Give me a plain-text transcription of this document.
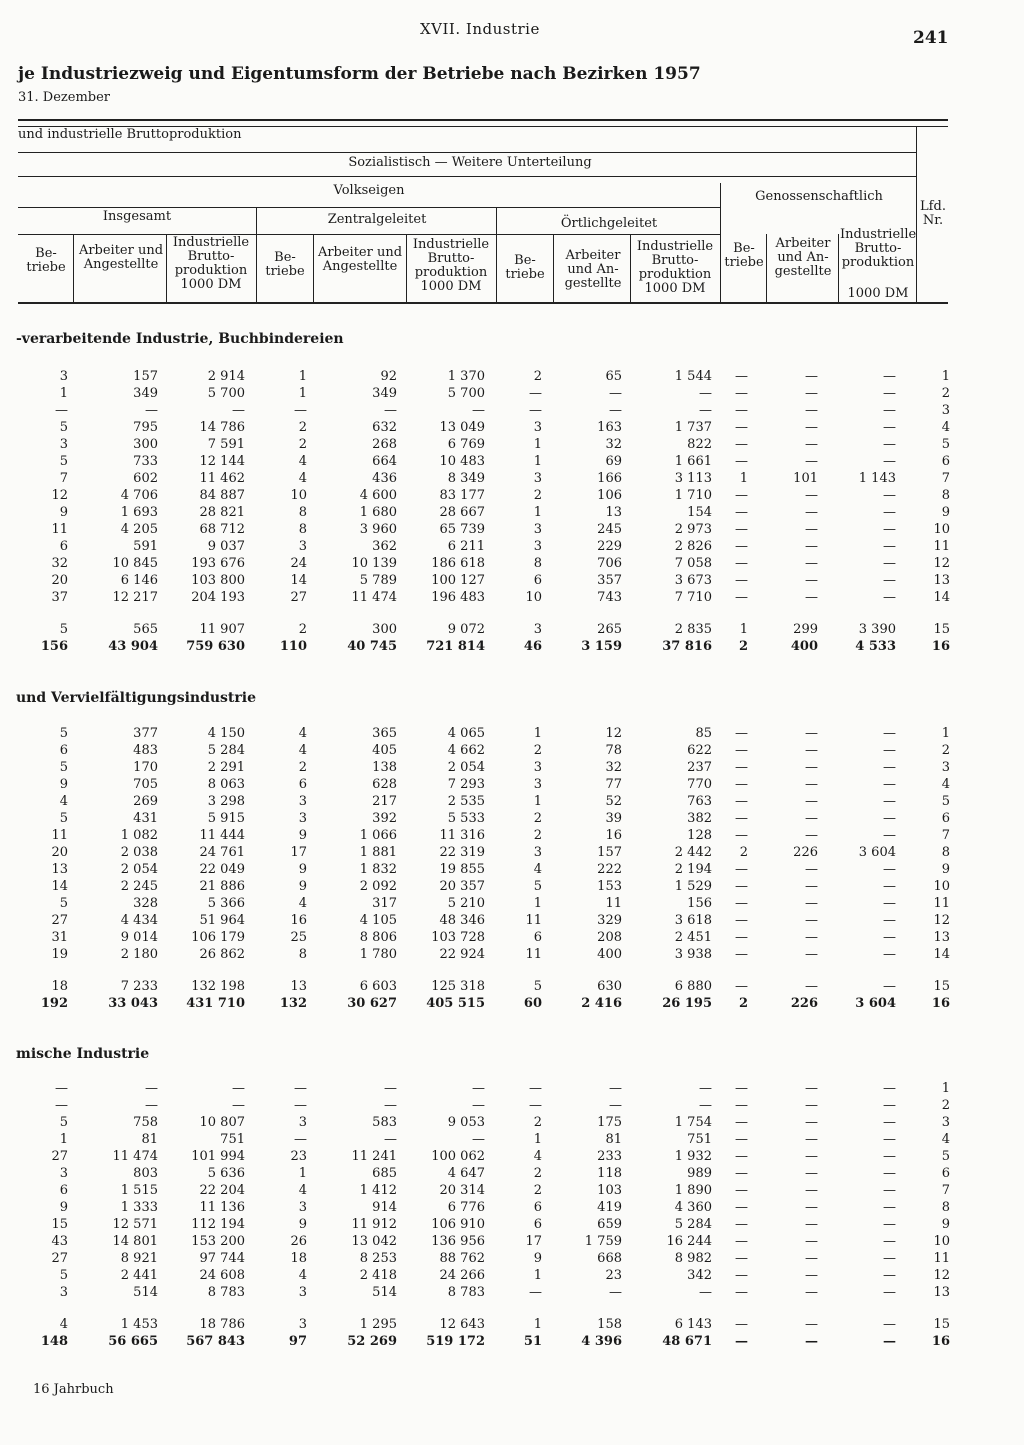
XVII. Industrie	241
je Industriezweig und Eigentumsform der Betriebe nach Bezirken 1957
31. Dezember
und industrielle Bruttoproduktion
Sozialistisch — Weitere Unterteilung
Volkseigen	Genossenschaftlich
Insgesamt	Zentralgeleitet	Örtlichgeleitet
Lfd. Nr.
Be- triebe
Arbeiter und Angestellte
Industrielle Brutto- produktion 1000 DM
Be- triebe
Arbeiter und Angestellte
Industrielle Brutto- produktion 1000 DM
Be- triebe
Arbeiter und An- gestellte
Industrielle Brutto- produktion 1000 DM
Be- triebe
Arbeiter und An- gestellte
Industrielle Brutto- produktion
1000 DM
-verarbeitende Industrie, Buchbindereien
3	157	2 914	1	92	1 370	2	65	1 544	—	—	—	1
1	349	5 700	1	349	5 700	—	—	—	—	—	—	2
—	—	—	—	—	—	—	—	—	—	—	—	3
5	795	14 786	2	632	13 049	3	163	1 737	—	—	—	4
3	300	7 591	2	268	6 769	1	32	822	—	—	—	5
5	733	12 144	4	664	10 483	1	69	1 661	—	—	—	6
7	602	11 462	4	436	8 349	3	166	3 113	1	101	1 143	7
12	4 706	84 887	10	4 600	83 177	2	106	1 710	—	—	—	8
9	1 693	28 821	8	1 680	28 667	1	13	154	—	—	—	9
11	4 205	68 712	8	3 960	65 739	3	245	2 973	—	—	—	10
6	591	9 037	3	362	6 211	3	229	2 826	—	—	—	11
32	10 845	193 676	24	10 139	186 618	8	706	7 058	—	—	—	12
20	6 146	103 800	14	5 789	100 127	6	357	3 673	—	—	—	13
37	12 217	204 193	27	11 474	196 483	10	743	7 710	—	—	—	14

5	565	11 907	2	300	9 072	3	265	2 835	1	299	3 390	15
156	43 904	759 630	110	40 745	721 814	46	3 159	37 816	2	400	4 533	16
und Vervielfältigungsindustrie
5	377	4 150	4	365	4 065	1	12	85	—	—	—	1
6	483	5 284	4	405	4 662	2	78	622	—	—	—	2
5	170	2 291	2	138	2 054	3	32	237	—	—	—	3
9	705	8 063	6	628	7 293	3	77	770	—	—	—	4
4	269	3 298	3	217	2 535	1	52	763	—	—	—	5
5	431	5 915	3	392	5 533	2	39	382	—	—	—	6
11	1 082	11 444	9	1 066	11 316	2	16	128	—	—	—	7
20	2 038	24 761	17	1 881	22 319	3	157	2 442	2	226	3 604	8
13	2 054	22 049	9	1 832	19 855	4	222	2 194	—	—	—	9
14	2 245	21 886	9	2 092	20 357	5	153	1 529	—	—	—	10
5	328	5 366	4	317	5 210	1	11	156	—	—	—	11
27	4 434	51 964	16	4 105	48 346	11	329	3 618	—	—	—	12
31	9 014	106 179	25	8 806	103 728	6	208	2 451	—	—	—	13
19	2 180	26 862	8	1 780	22 924	11	400	3 938	—	—	—	14

18	7 233	132 198	13	6 603	125 318	5	630	6 880	—	—	—	15
192	33 043	431 710	132	30 627	405 515	60	2 416	26 195	2	226	3 604	16
mische Industrie
—	—	—	—	—	—	—	—	—	—	—	—	1
—	—	—	—	—	—	—	—	—	—	—	—	2
5	758	10 807	3	583	9 053	2	175	1 754	—	—	—	3
1	81	751	—	—	—	1	81	751	—	—	—	4
27	11 474	101 994	23	11 241	100 062	4	233	1 932	—	—	—	5
3	803	5 636	1	685	4 647	2	118	989	—	—	—	6
6	1 515	22 204	4	1 412	20 314	2	103	1 890	—	—	—	7
9	1 333	11 136	3	914	6 776	6	419	4 360	—	—	—	8
15	12 571	112 194	9	11 912	106 910	6	659	5 284	—	—	—	9
43	14 801	153 200	26	13 042	136 956	17	1 759	16 244	—	—	—	10
27	8 921	97 744	18	8 253	88 762	9	668	8 982	—	—	—	11
5	2 441	24 608	4	2 418	24 266	1	23	342	—	—	—	12
3	514	8 783	3	514	8 783	—	—	—	—	—	—	13

4	1 453	18 786	3	1 295	12 643	1	158	6 143	—	—	—	15
148	56 665	567 843	97	52 269	519 172	51	4 396	48 671	—	—	—	16
16 Jahrbuch
